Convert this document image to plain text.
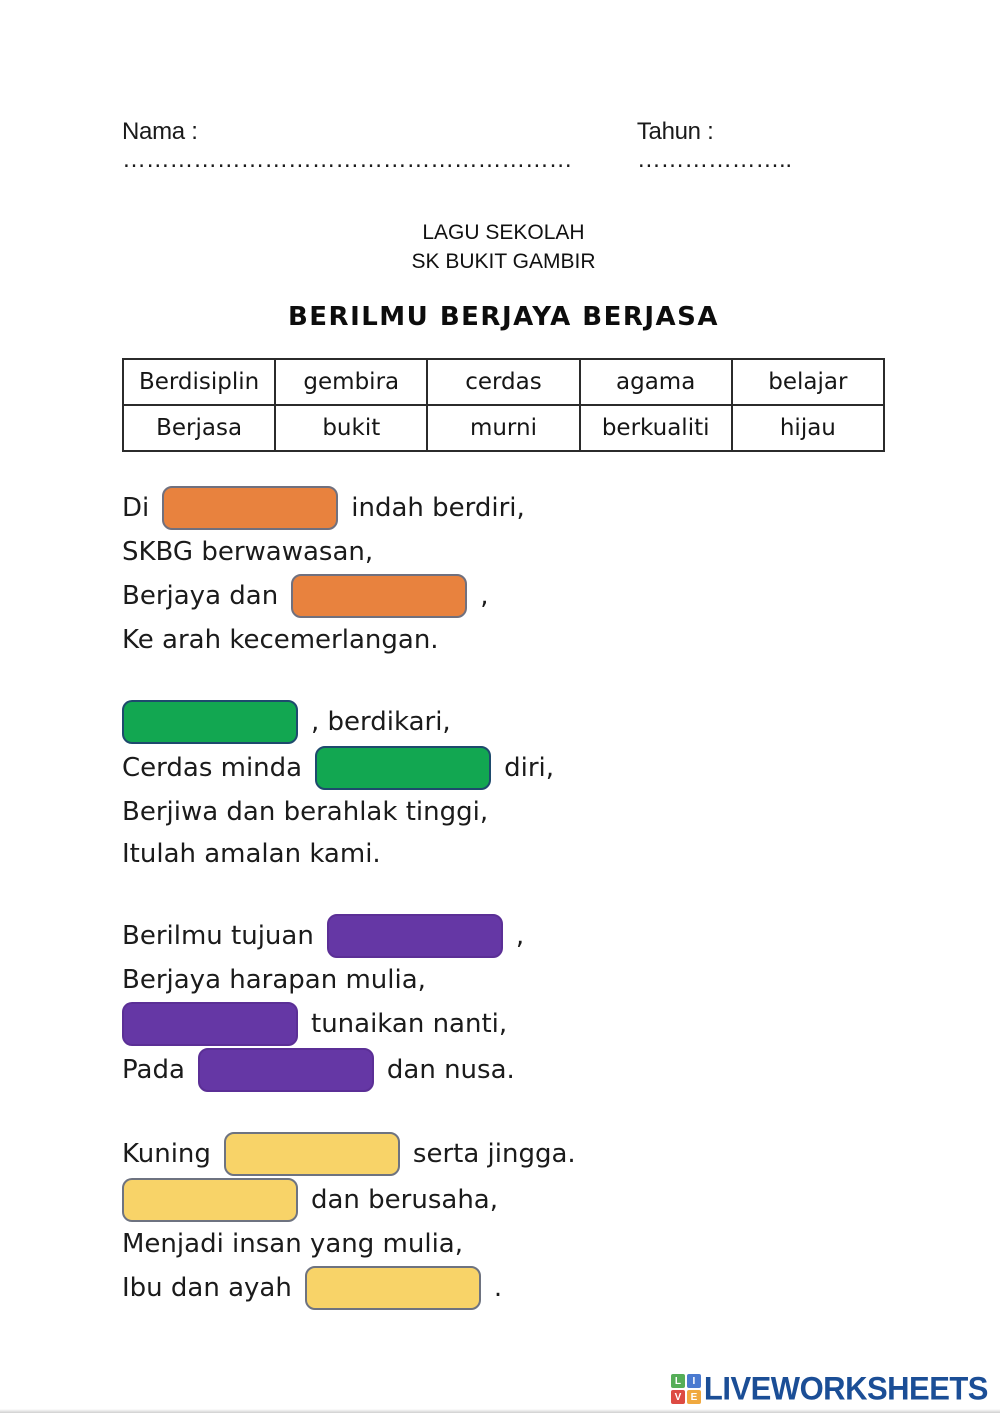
Nama : …………………………………………………
Tahun : ………………..
LAGU SEKOLAH
SK BUKIT GAMBIR
BERILMU BERJAYA BERJASA
Berdisiplin	gembira	cerdas	agama	belajar
Berjasa	bukit	murni	berkualiti	hijau
Di	indah berdiri,
SKBG berwawasan,
Berjaya dan	,
Ke arah kecemerlangan.
, berdikari,
Cerdas minda	diri,
Berjiwa dan berahlak tinggi,
Itulah amalan kami.
Berilmu tujuan	,
Berjaya harapan mulia,
tunaikan nanti,
Pada	dan nusa.
Kuning	serta jingga.
dan berusaha,
Menjadi insan yang mulia,
Ibu dan ayah	.
L	I
V E LIVEWORKSHEETS
